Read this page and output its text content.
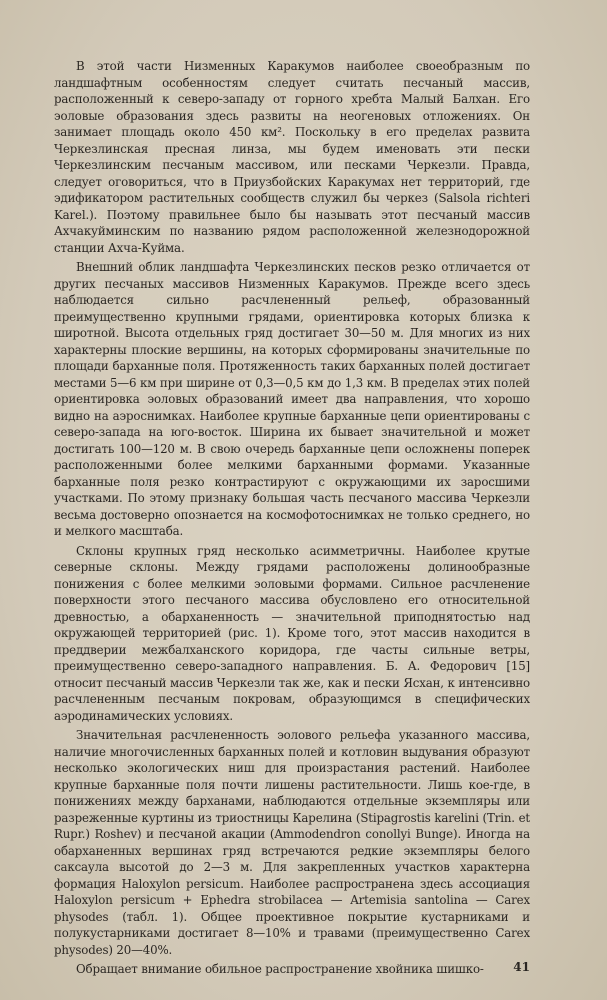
В этой части Низменных Каракумов наиболее своеобразным по ландшафтным особенностям следует считать песчаный массив, расположенный к северо-западу от горного хребта Малый Балхан. Его эоловые образования здесь развиты на неогеновых отложениях. Он занимает площадь около 450 км². Поскольку в его пределах развита Черкезлинская пресная линза, мы будем именовать эти пески Черкезлинским песчаным массивом, или песками Черкезли. Правда, следует оговориться, что в Приузбойских Каракумах нет территорий, где эдификатором растительных сообществ служил бы черкез (Salsola richteri Karel.). Поэтому правильнее было бы называть этот песчаный массив Ахчакуйминским по названию рядом расположенной железнодорожной станции Ахча-Куйма.

Внешний облик ландшафта Черкезлинских песков резко отличается от других песчаных массивов Низменных Каракумов. Прежде всего здесь наблюдается сильно расчлененный рельеф, образованный преимущественно крупными грядами, ориентировка которых близка к широтной. Высота отдельных гряд достигает 30—50 м. Для многих из них характерны плоские вершины, на которых сформированы значительные по площади барханные поля. Протяженность таких барханных полей достигает местами 5—6 км при ширине от 0,3—0,5 км до 1,3 км. В пределах этих полей ориентировка эоловых образований имеет два направления, что хорошо видно на аэроснимках. Наиболее крупные барханные цепи ориентированы с северо-запада на юго-восток. Ширина их бывает значительной и может достигать 100—120 м. В свою очередь барханные цепи осложнены поперек расположенными более мелкими барханными формами. Указанные барханные поля резко контрастируют с окружающими их заросшими участками. По этому признаку большая часть песчаного массива Черкезли весьма достоверно опознается на космофотоснимках не только среднего, но и мелкого масштаба.

Склоны крупных гряд несколько асимметричны. Наиболее крутые северные склоны. Между грядами расположены долинообразные понижения с более мелкими эоловыми формами. Сильное расчленение поверхности этого песчаного массива обусловлено его относительной древностью, а обарханенность — значительной приподнятостью над окружающей территорией (рис. 1). Кроме того, этот массив находится в преддверии межбалханского коридора, где часты сильные ветры, преимущественно северо-западного направления. Б. А. Федорович [15] относит песчаный массив Черкезли так же, как и пески Ясхан, к интенсивно расчлененным песчаным покровам, образующимся в специфических аэродинамических условиях.

Значительная расчлененность эолового рельефа указанного массива, наличие многочисленных барханных полей и котловин выдувания образуют несколько экологических ниш для произрастания растений. Наиболее крупные барханные поля почти лишены растительности. Лишь кое-где, в понижениях между барханами, наблюдаются отдельные экземпляры или разреженные куртины из триостницы Карелина (Stipagrostis karelini (Trin. et Rupr.) Roshev) и песчаной акации (Ammodendron conollyi Bunge). Иногда на обарханенных вершинах гряд встречаются редкие экземпляры белого саксаула высотой до 2—3 м. Для закрепленных участков характерна формация Haloxylon persicum. Наиболее распространена здесь ассоциация Haloxylon persicum + Ephedra strobilacea — Artemisia santolina — Carex physodes (табл. 1). Общее проективное покрытие кустарниками и полукустарниками достигает 8—10% и травами (преимущественно Carex physodes) 20—40%.

Обращает внимание обильное распространение хвойника шишко-	41
